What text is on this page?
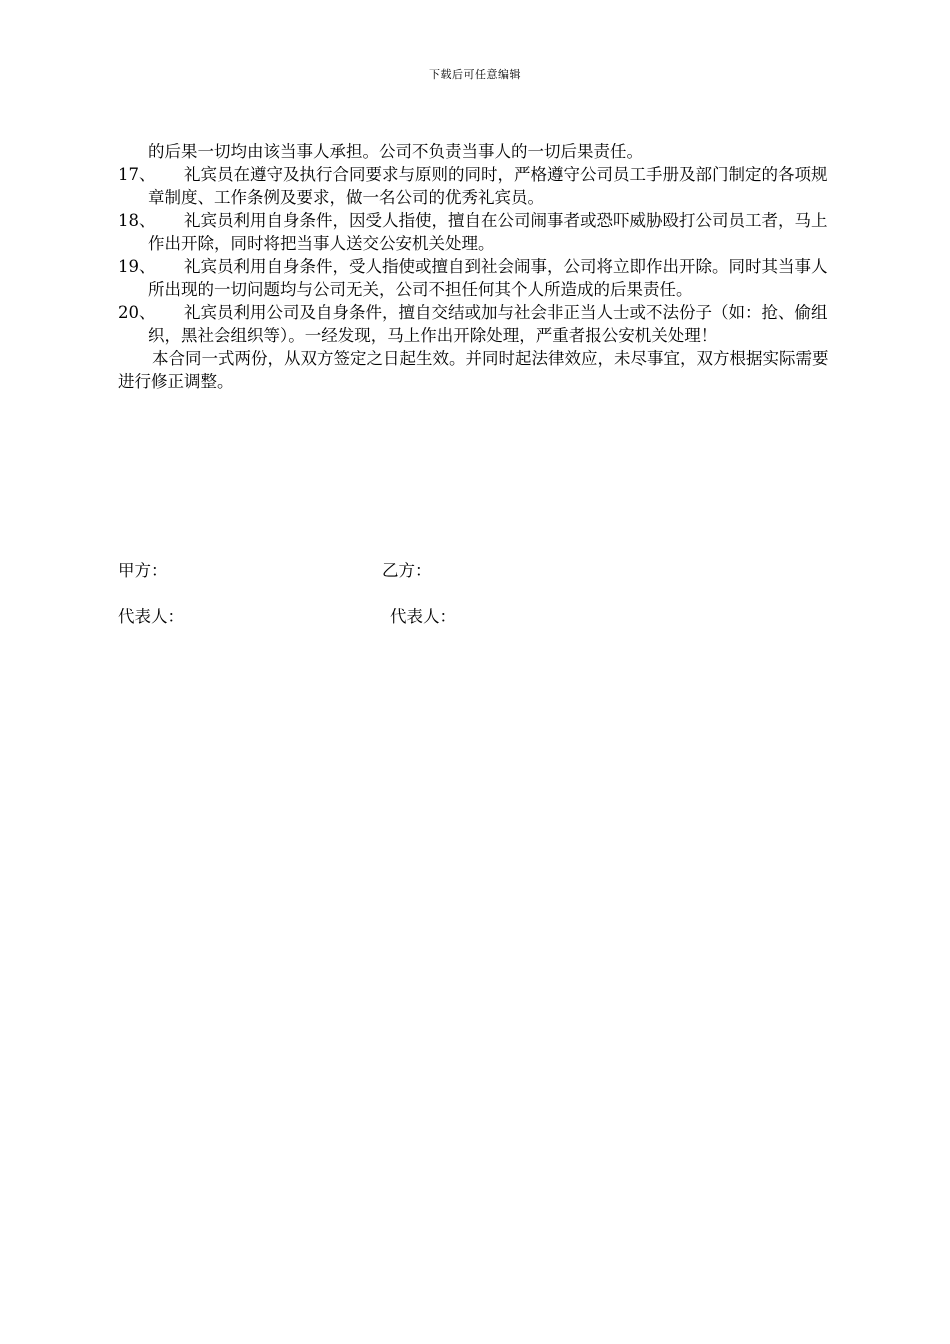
下载后可任意编辑
的后果一切均由该当事人承担。公司不负责当事人的一切后果责任。
17、	礼宾员在遵守及执行合同要求与原则的同时，严格遵守公司员工手册及部门制定的各项规章制度、工作条例及要求，做一名公司的优秀礼宾员。
18、	礼宾员利用自身条件，因受人指使，擅自在公司闹事者或恐吓威胁殴打公司员工者，马上作出开除，同时将把当事人送交公安机关处理。
19、	礼宾员利用自身条件，受人指使或擅自到社会闹事，公司将立即作出开除。同时其当事人所出现的一切问题均与公司无关，公司不担任何其个人所造成的后果责任。
20、	礼宾员利用公司及自身条件，擅自交结或加与社会非正当人士或不法份子（如：抢、偷组织，黑社会组织等）。一经发现，马上作出开除处理，严重者报公安机关处理！
本合同一式两份，从双方签定之日起生效。并同时起法律效应，未尽事宜，双方根据实际需要进行修正调整。
甲方：	乙方：
代表人：	代表人：
